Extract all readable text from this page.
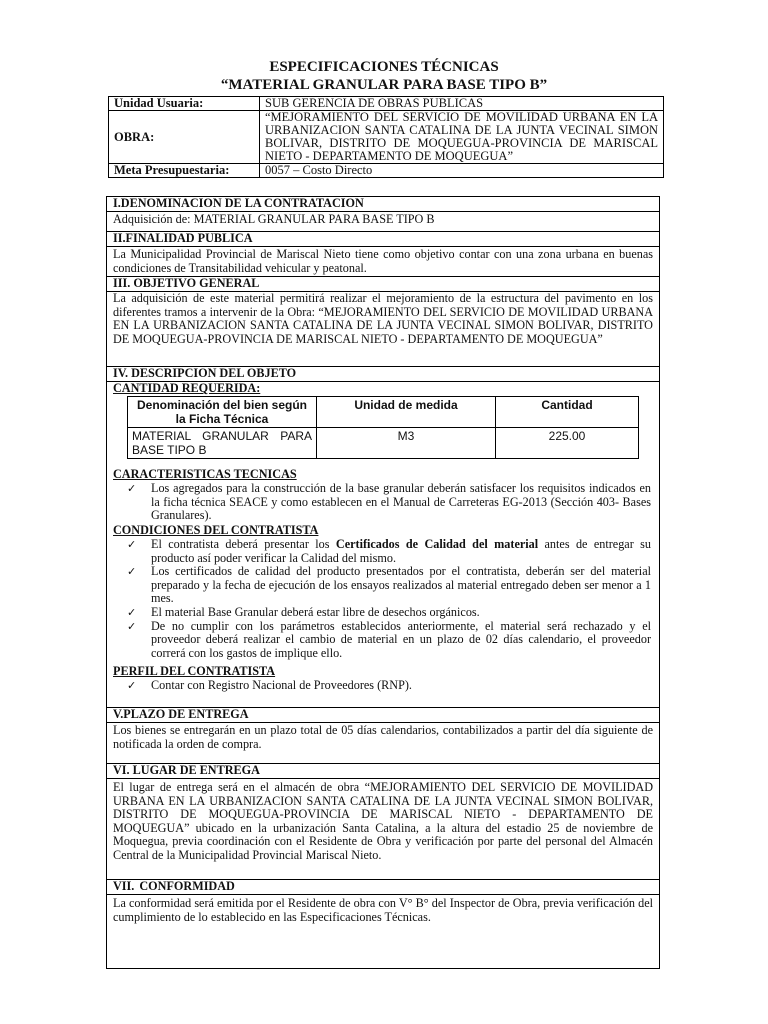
ESPECIFICACIONES TÉCNICAS
“MATERIAL GRANULAR PARA BASE TIPO B”
Unidad Usuaria:	SUB GERENCIA DE OBRAS PUBLICAS
OBRA:	“MEJORAMIENTO DEL SERVICIO DE MOVILIDAD URBANA EN LA URBANIZACION SANTA CATALINA DE LA JUNTA VECINAL SIMON BOLIVAR, DISTRITO DE MOQUEGUA-PROVINCIA DE MARISCAL NIETO - DEPARTAMENTO DE MOQUEGUA”
Meta Presupuestaria:	0057 – Costo Directo
I.DENOMINACION DE LA CONTRATACION
Adquisición de: MATERIAL GRANULAR PARA BASE TIPO B
II.FINALIDAD PUBLICA
La Municipalidad Provincial de Mariscal Nieto tiene como objetivo contar con una zona urbana en buenas condiciones de Transitabilidad vehicular y peatonal.
III. OBJETIVO GENERAL
La adquisición de este material permitirá realizar el mejoramiento de la estructura del pavimento en los diferentes tramos a intervenir de la Obra: “MEJORAMIENTO DEL SERVICIO DE MOVILIDAD URBANA EN LA URBANIZACION SANTA CATALINA DE LA JUNTA VECINAL SIMON BOLIVAR, DISTRITO DE MOQUEGUA-PROVINCIA DE MARISCAL NIETO - DEPARTAMENTO DE MOQUEGUA”
IV. DESCRIPCION DEL OBJETO
CANTIDAD REQUERIDA:
Denominación del bien según la Ficha Técnica	Unidad de medida	Cantidad
MATERIAL GRANULAR PARA BASE TIPO B	M3	225.00
CARACTERISTICAS TECNICAS
✓ Los agregados para la construcción de la base granular deberán satisfacer los requisitos indicados en la ficha técnica SEACE y como establecen en el Manual de Carreteras EG-2013 (Sección 403- Bases Granulares).
CONDICIONES DEL CONTRATISTA
✓ El contratista deberá presentar los Certificados de Calidad del material antes de entregar su producto así poder verificar la Calidad del mismo.
✓ Los certificados de calidad del producto presentados por el contratista, deberán ser del material preparado y la fecha de ejecución de los ensayos realizados al material entregado deben ser menor a 1 mes.
✓ El material Base Granular deberá estar libre de desechos orgánicos.
✓ De no cumplir con los parámetros establecidos anteriormente, el material será rechazado y el proveedor deberá realizar el cambio de material en un plazo de 02 días calendario, el proveedor correrá con los gastos de implique ello.
PERFIL DEL CONTRATISTA
✓ Contar con Registro Nacional de Proveedores (RNP).
V.PLAZO DE ENTREGA
Los bienes se entregarán en un plazo total de 05 días calendarios, contabilizados a partir del día siguiente de notificada la orden de compra.
VI. LUGAR DE ENTREGA
El lugar de entrega será en el almacén de obra “MEJORAMIENTO DEL SERVICIO DE MOVILIDAD URBANA EN LA URBANIZACION SANTA CATALINA DE LA JUNTA VECINAL SIMON BOLIVAR, DISTRITO DE MOQUEGUA-PROVINCIA DE MARISCAL NIETO - DEPARTAMENTO DE MOQUEGUA” ubicado en la urbanización Santa Catalina, a la altura del estadio 25 de noviembre de Moquegua, previa coordinación con el Residente de Obra y verificación por parte del personal del Almacén Central de la Municipalidad Provincial Mariscal Nieto.
VII. CONFORMIDAD
La conformidad será emitida por el Residente de obra con V° B° del Inspector de Obra, previa verificación del cumplimiento de lo establecido en las Especificaciones Técnicas.
